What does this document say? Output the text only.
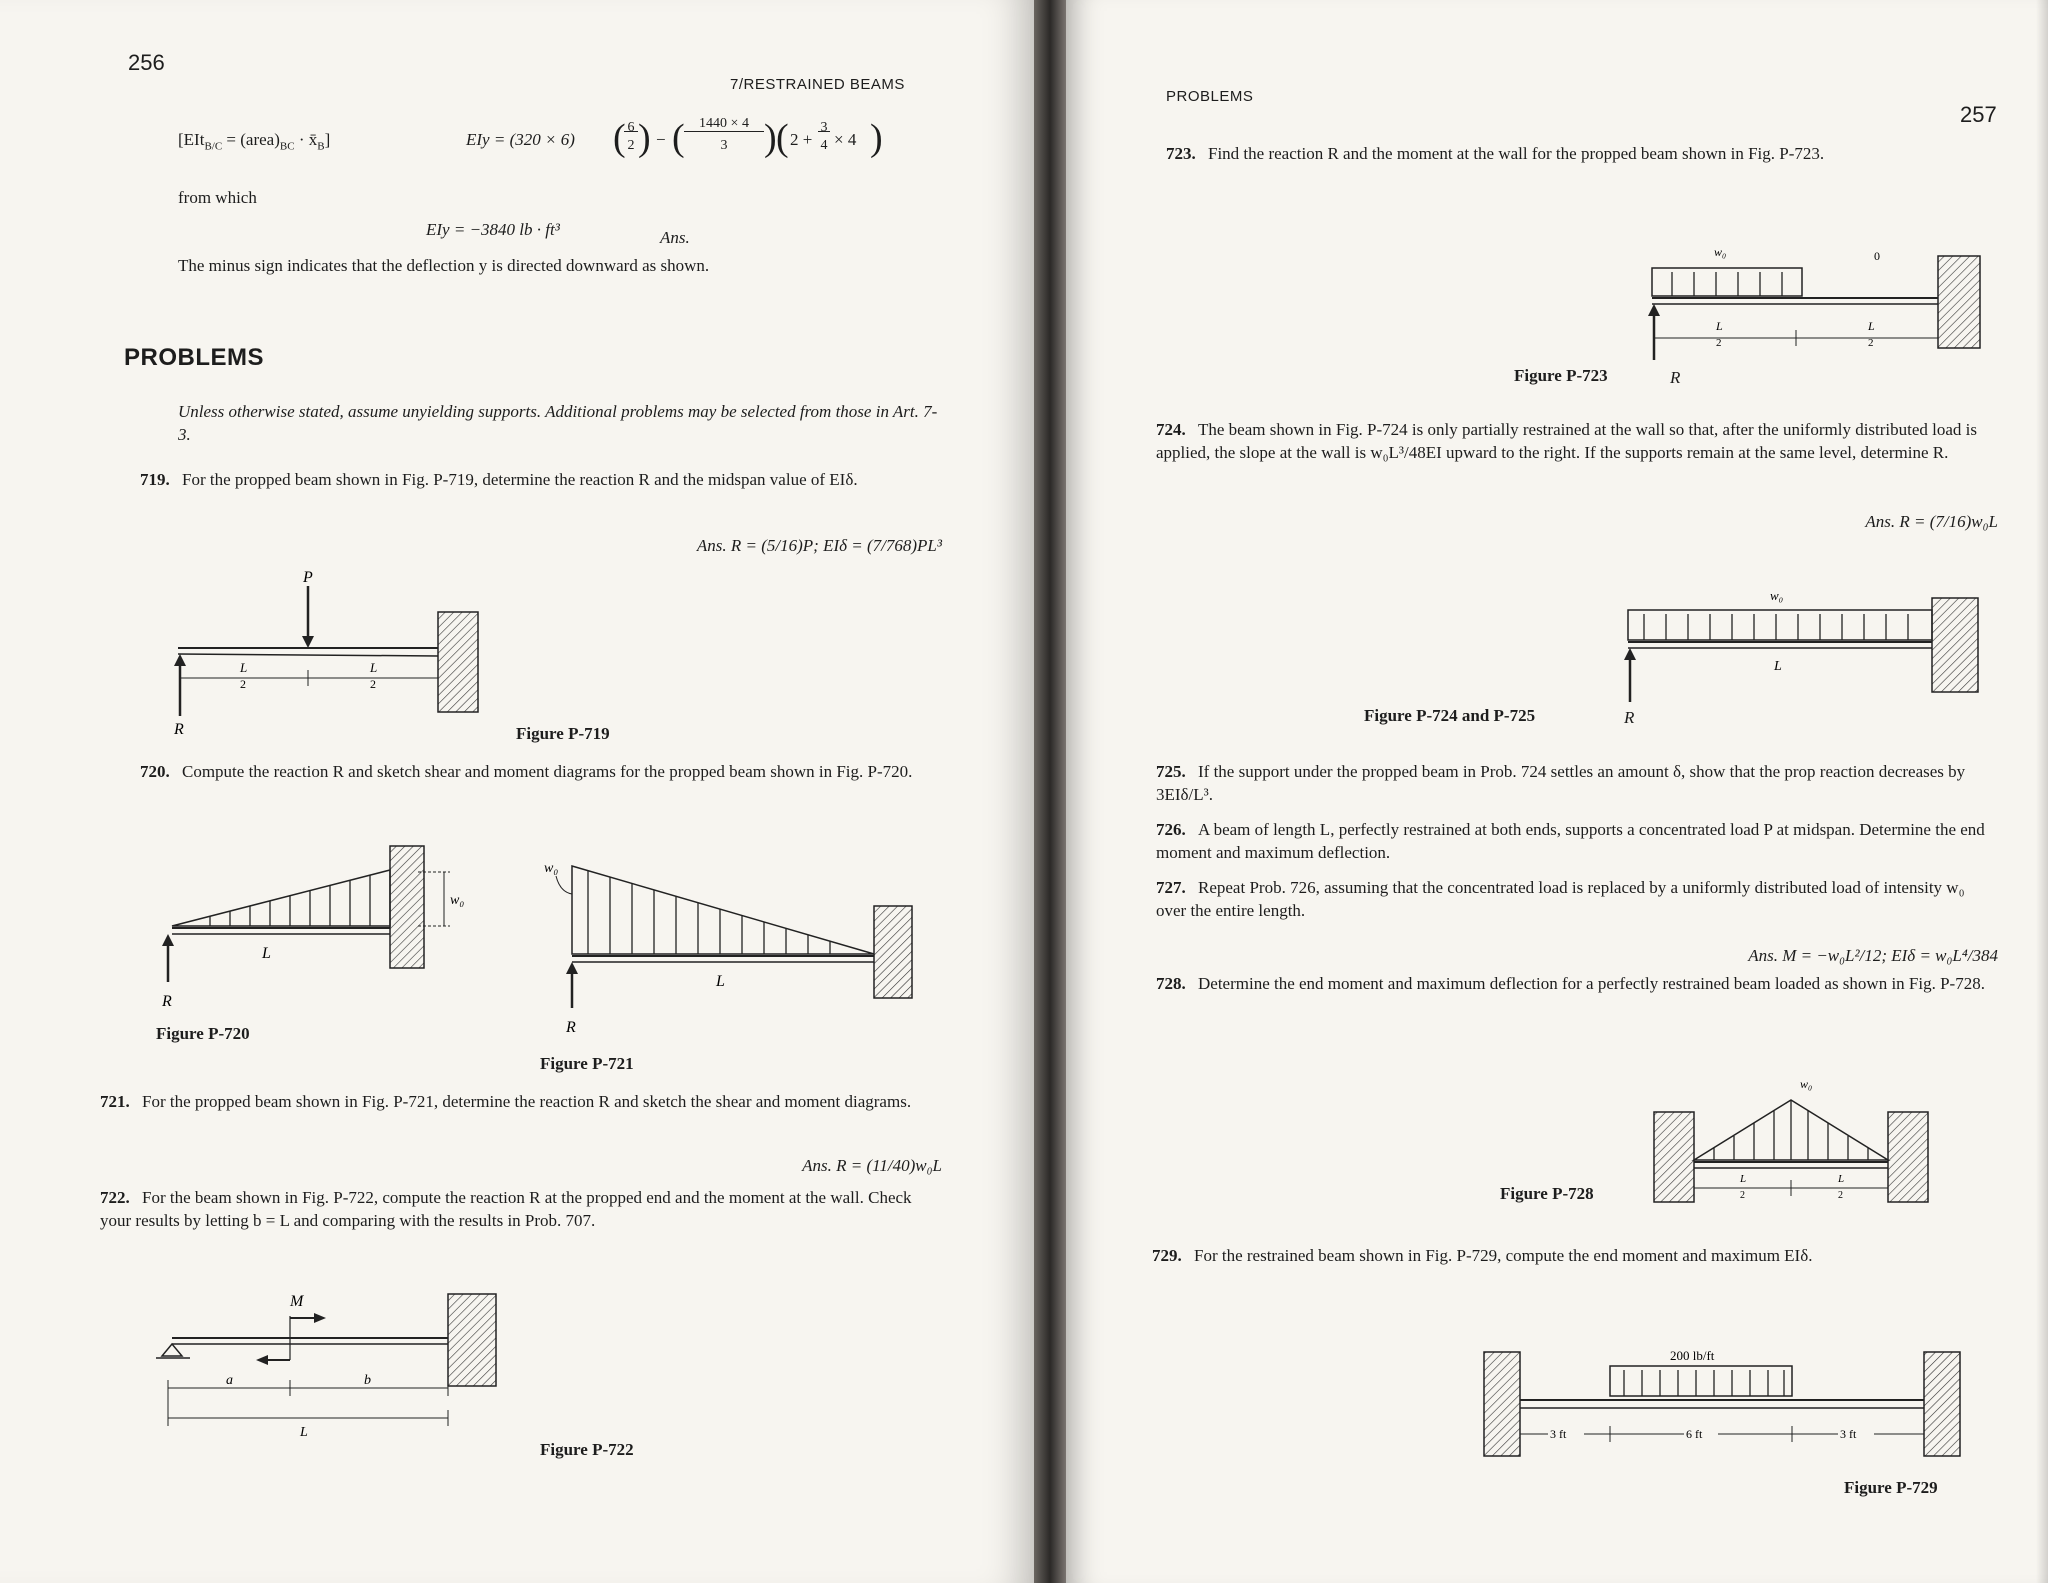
256
7/RESTRAINED BEAMS
[$EIt_{B/C} = (area)_{BC}$ · $x̄_B$]	EIy = (320 × 6) ( 6
2 ) − (	1440 × 4
3 ) ( 2 +
3
4 × 4 )
from which
EIy = −3840 lb · ft³	Ans.
The minus sign indicates that the deflection y is directed downward as shown.
PROBLEMS
Unless otherwise stated, assume unyielding supports. Additional problems may be selected from those in Art. 7-3.
719. For the propped beam shown in Fig. P-719, determine the reaction R and the midspan value of EIδ.
Ans. R = (5/16)P; EIδ = (7/768)PL³
P
R
L
2
L
2
Figure P-719
720. Compute the reaction R and sketch shear and moment diagrams for the propped beam shown in Fig. P-720.
w₀
L
R
Figure P-720
w₀
L
R
Figure P-721
721. For the propped beam shown in Fig. P-721, determine the reaction R and sketch the shear and moment diagrams.
Ans. R = (11/40)w₀L
722. For the beam shown in Fig. P-722, compute the reaction R at the propped end and the moment at the wall. Check your results by letting b = L and comparing with the results in Prob. 707.
M
a	b
L
Figure P-722
PROBLEMS
257
723. Find the reaction R and the moment at the wall for the propped beam shown in Fig. P-723.
w₀	0
L
2
L
2
Figure P-723	R
724. The beam shown in Fig. P-724 is only partially restrained at the wall so that, after the uniformly distributed load is applied, the slope at the wall is w₀L³/48EI upward to the right. If the supports remain at the same level, determine R.
Ans. R = (7/16)w₀L
w₀
L
Figure P-724 and P-725	R
725. If the support under the propped beam in Prob. 724 settles an amount δ, show that the prop reaction decreases by 3EIδ/L³.
726. A beam of length L, perfectly restrained at both ends, supports a concentrated load P at midspan. Determine the end moment and maximum deflection.
727. Repeat Prob. 726, assuming that the concentrated load is replaced by a uniformly distributed load of intensity w₀ over the entire length.
Ans. M = −w₀L²/12; EIδ = w₀L⁴/384
728. Determine the end moment and maximum deflection for a perfectly restrained beam loaded as shown in Fig. P-728.
w₀
L
2
L
2
Figure P-728
729. For the restrained beam shown in Fig. P-729, compute the end moment and maximum EIδ.
200 lb/ft
3 ft	6 ft	3 ft
Figure P-729
